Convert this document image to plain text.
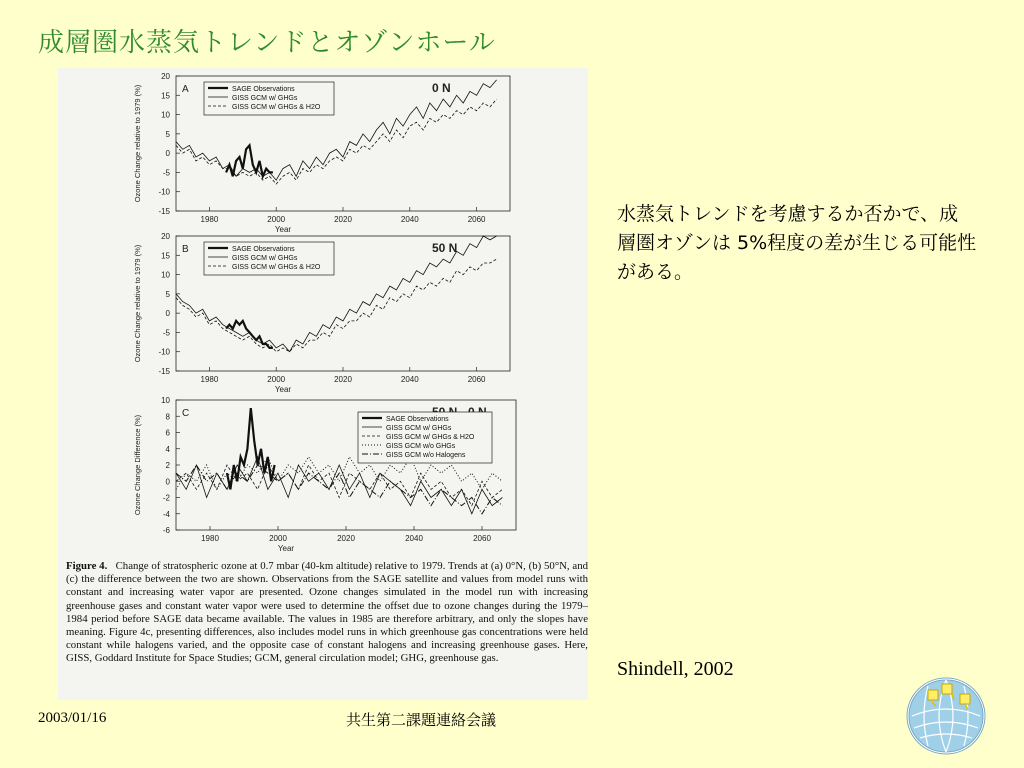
成層圏水蒸気トレンドとオゾンホール
20
15
10
5
0
-5
-10
-15
1980	2000	2020	2040	2060
Year
Ozone Change relative to 1979 (%)	A	0 N
SAGE Observations
GISS GCM w/ GHGs
GISS GCM w/ GHGs & H2O
20
15
10
5
0
-5
-10
-15
1980	2000	2020	2040	2060
Year
Ozone Change relative to 1979 (%)	B	50 N
SAGE Observations
GISS GCM w/ GHGs
GISS GCM w/ GHGs & H2O
10
8
6
4
2
0
-2
-4
-6
1980	2000	2020	2040	2060
Year
Ozone Change Difference (%)
C
SAGE Observations
GISS GCM w/ GHGs
GISS GCM w/ GHGs & H2O
GISS GCM w/o GHGs
GISS GCM w/o Halogens
Figure 4. Change of stratospheric ozone at 0.7 mbar (40-km altitude) relative to 1979. Trends at (a) 0°N, (b) 50°N, and (c) the difference between the two are shown. Observations from the SAGE satellite and values from model runs with constant and increasing water vapor are presented. Ozone changes simulated in the model run with increasing greenhouse gases and constant water vapor were used to determine the offset due to ozone changes during the 1979–1984 period before SAGE data became available. The values in 1985 are therefore arbitrary, and only the slopes have meaning. Figure 4c, presenting differences, also includes model runs in which greenhouse gas concentrations were held constant while halogens varied, and the opposite case of constant halogens and increasing greenhouse gases. Here, GISS, Goddard Institute for Space Studies; GCM, general circulation model; GHG, greenhouse gas.
水蒸気トレンドを考慮するか否かで、成層圏オゾンは 5%程度の差が生じる可能性がある。
Shindell, 2002
2003/01/16	共生第二課題連絡会議
